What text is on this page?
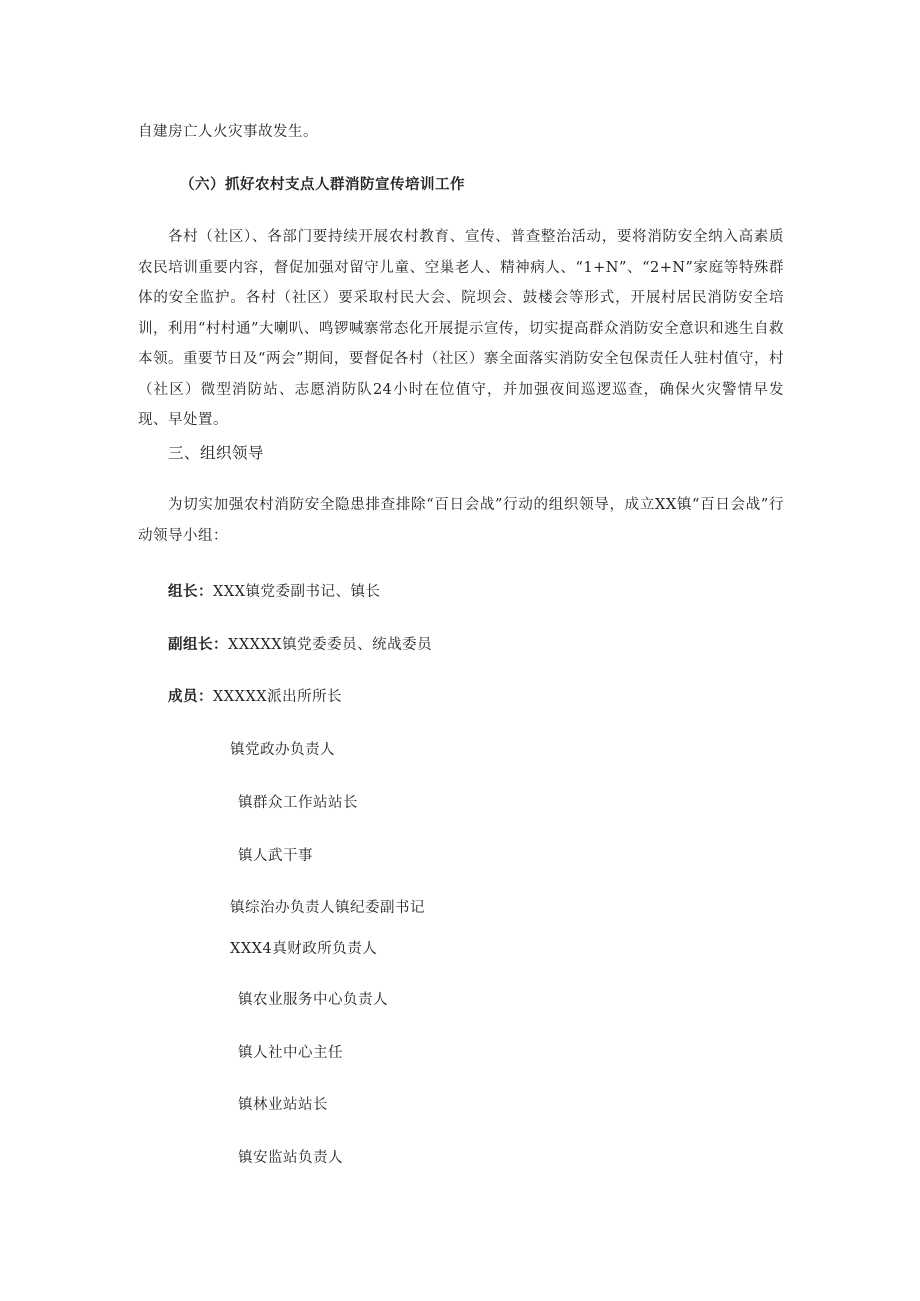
自建房亡人火灾事故发生。
（六）抓好农村支点人群消防宣传培训工作
各村（社区）、各部门要持续开展农村教育、宣传、普查整治活动，要将消防安全纳入高素质农民培训重要内容，督促加强对留守儿童、空巢老人、精神病人、“1+N”、“2+N”家庭等特殊群体的安全监护。各村（社区）要采取村民大会、院坝会、鼓楼会等形式，开展村居民消防安全培训，利用“村村通”大喇叭、鸣锣喊寨常态化开展提示宣传，切实提高群众消防安全意识和逃生自救本领。重要节日及“两会”期间，要督促各村（社区）寨全面落实消防安全包保责任人驻村值守，村（社区）微型消防站、志愿消防队24小时在位值守，并加强夜间巡逻巡查，确保火灾警情早发现、早处置。
三、组织领导
为切实加强农村消防安全隐患排查排除“百日会战”行动的组织领导，成立XX镇“百日会战”行动领导小组：
组长：XXX镇党委副书记、镇长
副组长：XXXXX镇党委委员、统战委员
成员：XXXXX派出所所长
镇党政办负责人
镇群众工作站站长
镇人武干事
镇综治办负责人镇纪委副书记
XXX4真财政所负责人
镇农业服务中心负责人
镇人社中心主任
镇林业站站长
镇安监站负责人
